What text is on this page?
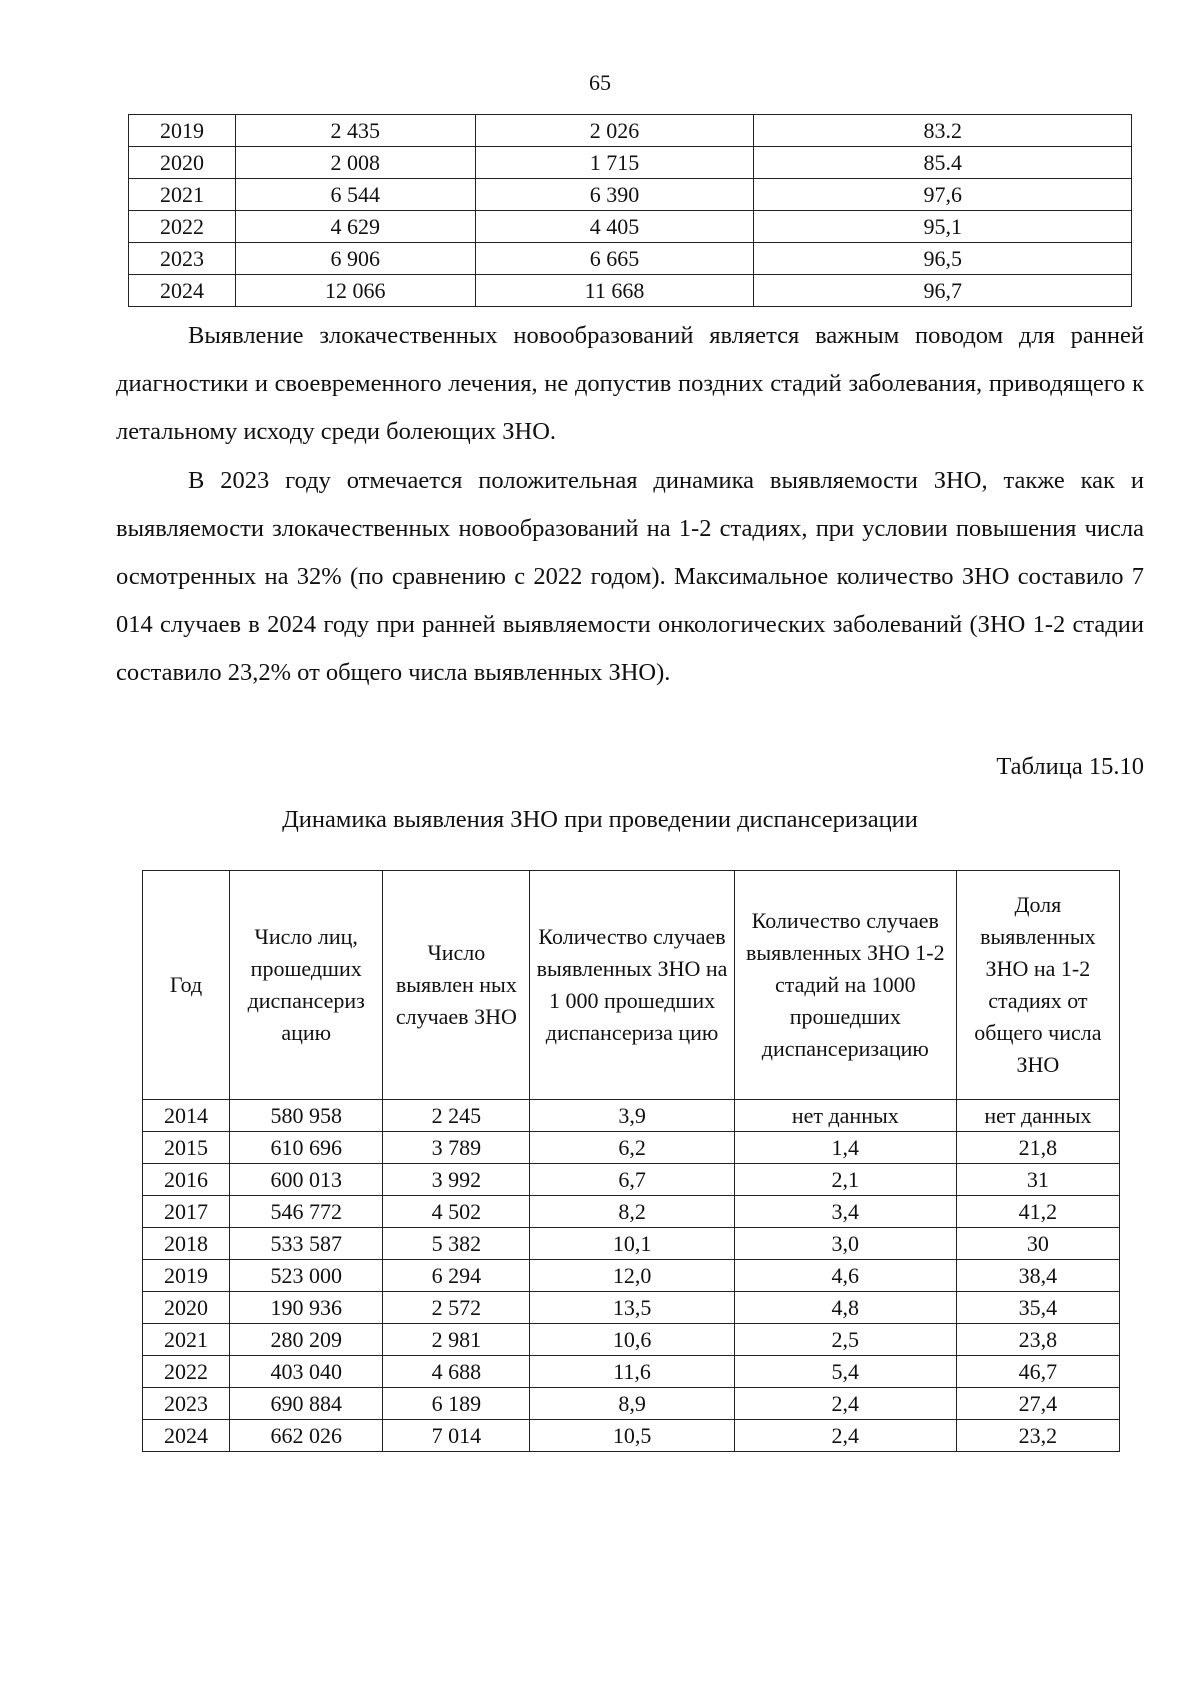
65
2019	2 435	2 026	83.2
2020	2 008	1 715	85.4
2021	6 544	6 390	97,6
2022	4 629	4 405	95,1
2023	6 906	6 665	96,5
2024	12 066	11 668	96,7

Выявление злокачественных новообразований является важным поводом для ранней диагностики и своевременного лечения, не допустив поздних стадий заболевания, приводящего к летальному исходу среди болеющих ЗНО.

В 2023 году отмечается положительная динамика выявляемости ЗНО, также как и выявляемости злокачественных новообразований на 1-2 стадиях, при условии повышения числа осмотренных на 32% (по сравнению с 2022 годом). Максимальное количество ЗНО составило 7 014 случаев в 2024 году при ранней выявляемости онкологических заболеваний (ЗНО 1-2 стадии составило 23,2% от общего числа выявленных ЗНО).

Таблица 15.10
Динамика выявления ЗНО при проведении диспансеризации
Год	Число лиц, прошедших диспансериз ацию	Число выявлен ных случаев ЗНО	Количество случаев выявленных ЗНО на 1 000 прошедших диспансериза цию	Количество случаев выявленных ЗНО 1-2 стадий на 1000 прошедших диспансеризацию	Доля выявленных ЗНО на 1-2 стадиях от общего числа ЗНО
2014	580 958	2 245	3,9	нет данных	нет данных
2015	610 696	3 789	6,2	1,4	21,8
2016	600 013	3 992	6,7	2,1	31
2017	546 772	4 502	8,2	3,4	41,2
2018	533 587	5 382	10,1	3,0	30
2019	523 000	6 294	12,0	4,6	38,4
2020	190 936	2 572	13,5	4,8	35,4
2021	280 209	2 981	10,6	2,5	23,8
2022	403 040	4 688	11,6	5,4	46,7
2023	690 884	6 189	8,9	2,4	27,4
2024	662 026	7 014	10,5	2,4	23,2
